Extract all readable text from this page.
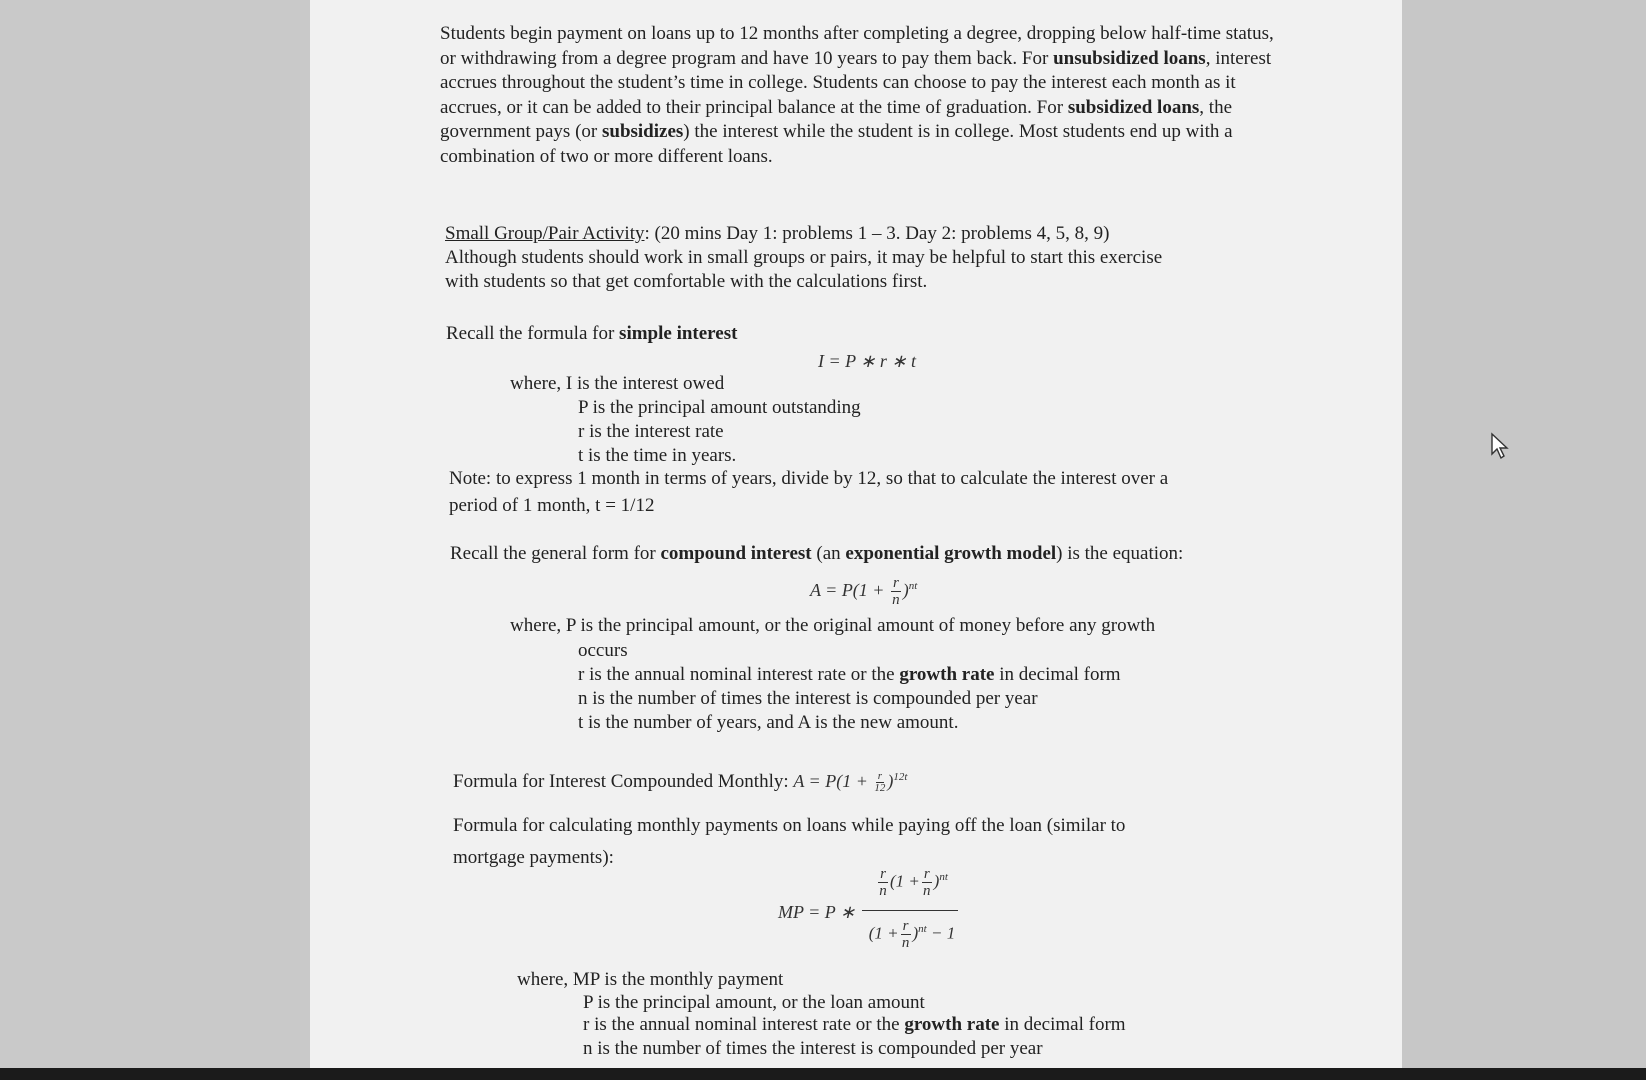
Students begin payment on loans up to 12 months after completing a degree, dropping below half-time status, or withdrawing from a degree program and have 10 years to pay them back. For unsubsidized loans, interest accrues throughout the student’s time in college. Students can choose to pay the interest each month as it accrues, or it can be added to their principal balance at the time of graduation. For subsidized loans, the government pays (or subsidizes) the interest while the student is in college. Most students end up with a combination of two or more different loans.
Small Group/Pair Activity: (20 mins Day 1: problems 1 – 3. Day 2: problems 4, 5, 8, 9)
Although students should work in small groups or pairs, it may be helpful to start this exercise
with students so that get comfortable with the calculations first.
Recall the formula for simple interest
I = P ∗ r ∗ t
where, I is the interest owed
P is the principal amount outstanding
r is the interest rate
t is the time in years.
Note: to express 1 month in terms of years, divide by 12, so that to calculate the interest over a
period of 1 month, t = 1/12
Recall the general form for compound interest (an exponential growth model) is the equation:
$A = P(1 + \frac{r}{n} )^{nt}$
where, P is the principal amount, or the original amount of money before any growth
occurs
r is the annual nominal interest rate or the growth rate in decimal form
n is the number of times the interest is compounded per year
t is the number of years, and A is the new amount.
Formula for Interest Compounded Monthly: $A = P(1 + \frac{r}{12} )^{12t}$
Formula for calculating monthly payments on loans while paying off the loan (similar to
mortgage payments):
MP = P ∗
$\frac{r}{n} (1 + \frac{r}{n} )^{nt}$
$(1 + \frac{r}{n} )^{nt} - 1$
where, MP is the monthly payment
P is the principal amount, or the loan amount
r is the annual nominal interest rate or the growth rate in decimal form
n is the number of times the interest is compounded per year
